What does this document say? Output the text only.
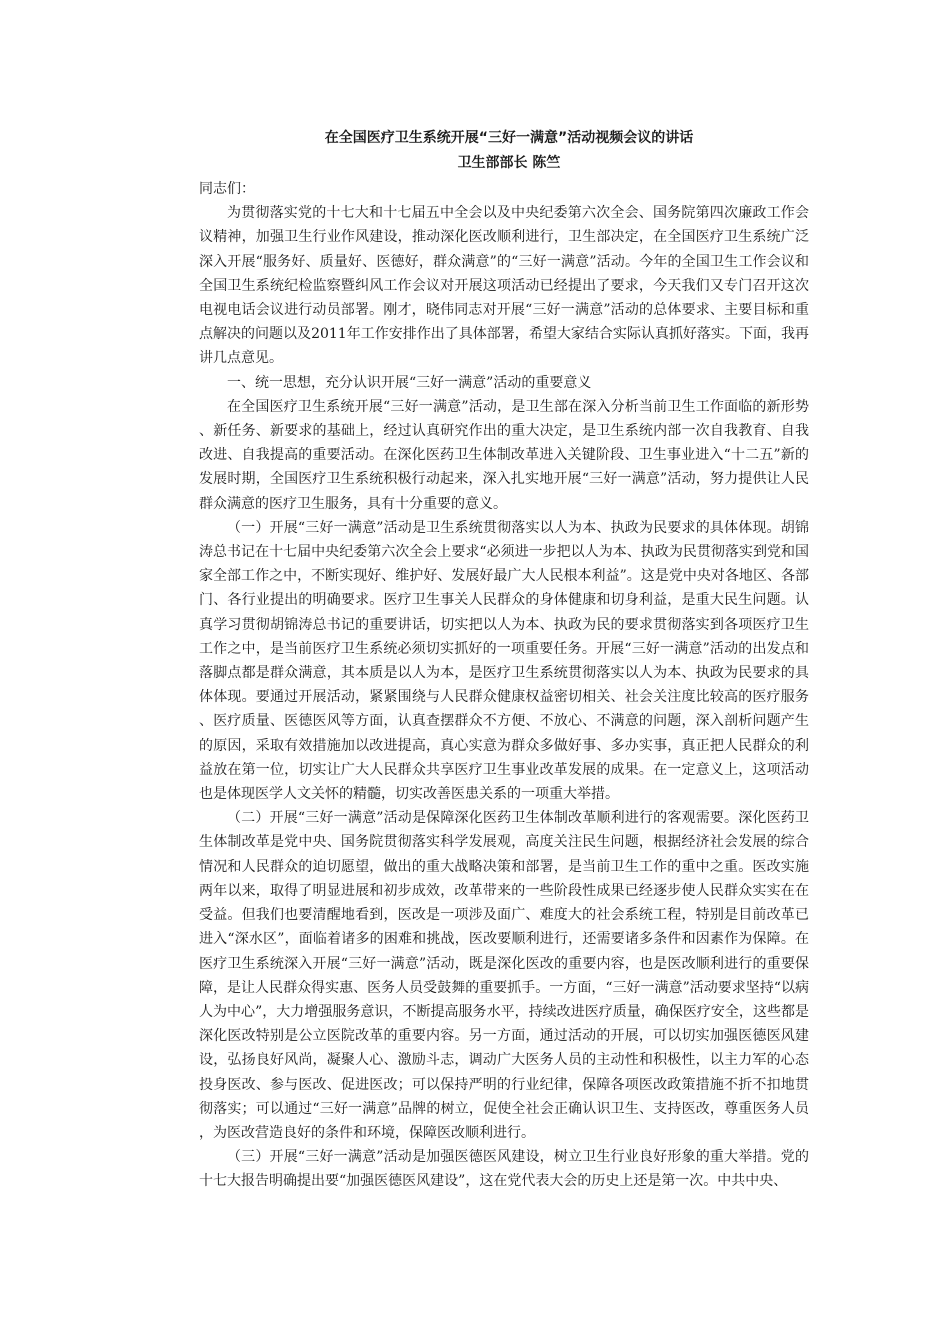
在全国医疗卫生系统开展“三好一满意”活动视频会议的讲话

卫生部部长 陈竺

同志们：

为贯彻落实党的十七大和十七届五中全会以及中央纪委第六次全会、国务院第四次廉政工作会议精神，加强卫生行业作风建设，推动深化医改顺利进行，卫生部决定，在全国医疗卫生系统广泛深入开展“服务好、质量好、医德好，群众满意”的“三好一满意”活动。今年的全国卫生工作会议和全国卫生系统纪检监察暨纠风工作会议对开展这项活动已经提出了要求，今天我们又专门召开这次电视电话会议进行动员部署。刚才，晓伟同志对开展“三好一满意”活动的总体要求、主要目标和重点解决的问题以及2011年工作安排作出了具体部署，希望大家结合实际认真抓好落实。下面，我再讲几点意见。

一、统一思想，充分认识开展“三好一满意”活动的重要意义

在全国医疗卫生系统开展“三好一满意”活动，是卫生部在深入分析当前卫生工作面临的新形势、新任务、新要求的基础上，经过认真研究作出的重大决定，是卫生系统内部一次自我教育、自我改进、自我提高的重要活动。在深化医药卫生体制改革进入关键阶段、卫生事业进入“十二五”新的发展时期，全国医疗卫生系统积极行动起来，深入扎实地开展“三好一满意”活动，努力提供让人民群众满意的医疗卫生服务，具有十分重要的意义。

（一）开展“三好一满意”活动是卫生系统贯彻落实以人为本、执政为民要求的具体体现。胡锦涛总书记在十七届中央纪委第六次全会上要求“必须进一步把以人为本、执政为民贯彻落实到党和国家全部工作之中，不断实现好、维护好、发展好最广大人民根本利益”。这是党中央对各地区、各部门、各行业提出的明确要求。医疗卫生事关人民群众的身体健康和切身利益，是重大民生问题。认真学习贯彻胡锦涛总书记的重要讲话，切实把以人为本、执政为民的要求贯彻落实到各项医疗卫生工作之中，是当前医疗卫生系统必须切实抓好的一项重要任务。开展“三好一满意”活动的出发点和落脚点都是群众满意，其本质是以人为本，是医疗卫生系统贯彻落实以人为本、执政为民要求的具体体现。要通过开展活动，紧紧围绕与人民群众健康权益密切相关、社会关注度比较高的医疗服务、医疗质量、医德医风等方面，认真查摆群众不方便、不放心、不满意的问题，深入剖析问题产生的原因，采取有效措施加以改进提高，真心实意为群众多做好事、多办实事，真正把人民群众的利益放在第一位，切实让广大人民群众共享医疗卫生事业改革发展的成果。在一定意义上，这项活动也是体现医学人文关怀的精髓，切实改善医患关系的一项重大举措。

（二）开展“三好一满意”活动是保障深化医药卫生体制改革顺利进行的客观需要。深化医药卫生体制改革是党中央、国务院贯彻落实科学发展观，高度关注民生问题，根据经济社会发展的综合情况和人民群众的迫切愿望，做出的重大战略决策和部署，是当前卫生工作的重中之重。医改实施两年以来，取得了明显进展和初步成效，改革带来的一些阶段性成果已经逐步使人民群众实实在在受益。但我们也要清醒地看到，医改是一项涉及面广、难度大的社会系统工程，特别是目前改革已进入“深水区”，面临着诸多的困难和挑战，医改要顺利进行，还需要诸多条件和因素作为保障。在医疗卫生系统深入开展“三好一满意”活动，既是深化医改的重要内容，也是医改顺利进行的重要保障，是让人民群众得实惠、医务人员受鼓舞的重要抓手。一方面，“三好一满意”活动要求坚持“以病人为中心”，大力增强服务意识，不断提高服务水平，持续改进医疗质量，确保医疗安全，这些都是深化医改特别是公立医院改革的重要内容。另一方面，通过活动的开展，可以切实加强医德医风建设，弘扬良好风尚，凝聚人心、激励斗志，调动广大医务人员的主动性和积极性，以主力军的心态投身医改、参与医改、促进医改；可以保持严明的行业纪律，保障各项医改政策措施不折不扣地贯彻落实；可以通过“三好一满意”品牌的树立，促使全社会正确认识卫生、支持医改，尊重医务人员，为医改营造良好的条件和环境，保障医改顺利进行。

（三）开展“三好一满意”活动是加强医德医风建设，树立卫生行业良好形象的重大举措。党的十七大报告明确提出要“加强医德医风建设”，这在党代表大会的历史上还是第一次。中共中央、
